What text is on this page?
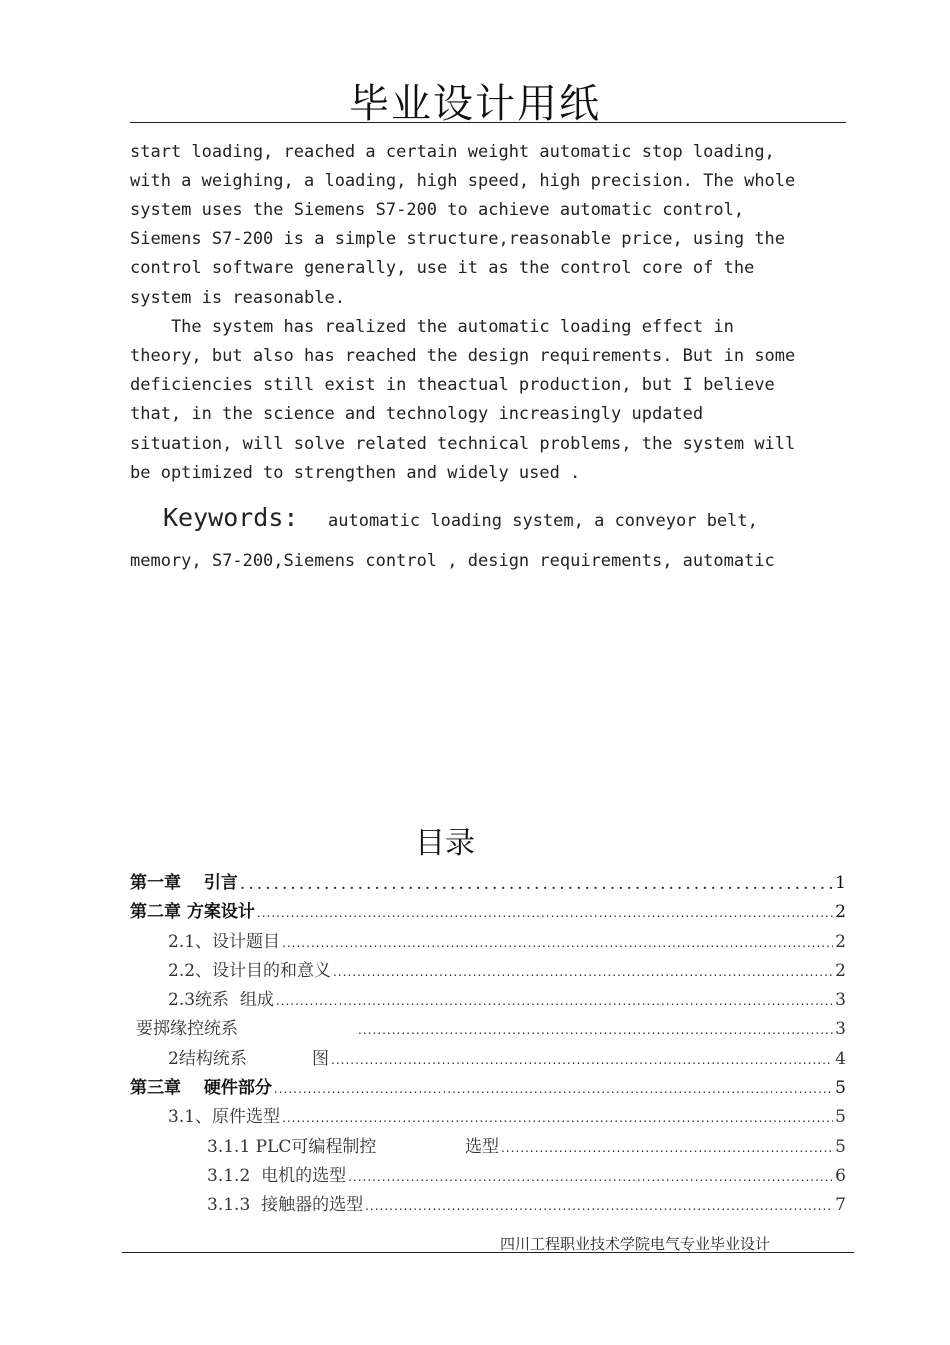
毕业设计用纸
start loading, reached a certain weight automatic stop loading,
with a weighing, a loading, high speed, high precision. The whole
system uses the Siemens S7-200 to achieve automatic control,
Siemens S7-200 is a simple structure,reasonable price, using the
control software generally, use it as the control core of the
system is reasonable.
The system has realized the automatic loading effect in
theory, but also has reached the design requirements. But in some
deficiencies still exist in theactual production, but I believe
that, in the science and technology increasingly updated
situation, will solve related technical problems, the system will
be optimized to strengthen and widely used .
Keywords: automatic loading system, a conveyor belt,
memory, S7-200,Siemens control , design requirements, automatic
目录
第一章　 引言 .....	1
第二章 方案设计 .....	2
2.1、设计题目 .....	2
2.2、设计目的和意义 .....	2
2.3统系  组成 .....	3
要掷缘控统系 .....	3
2结构统系	图 .....	4
第三章　 硬件部分 .....	5
3.1、原件选型 .....	5
3.1.1 PLC可编程制控	选型 .....	5
3.1.2  电机的选型 .....	6
3.1.3  接触器的选型 .....	7
四川工程职业技术学院电气专业毕业设计
